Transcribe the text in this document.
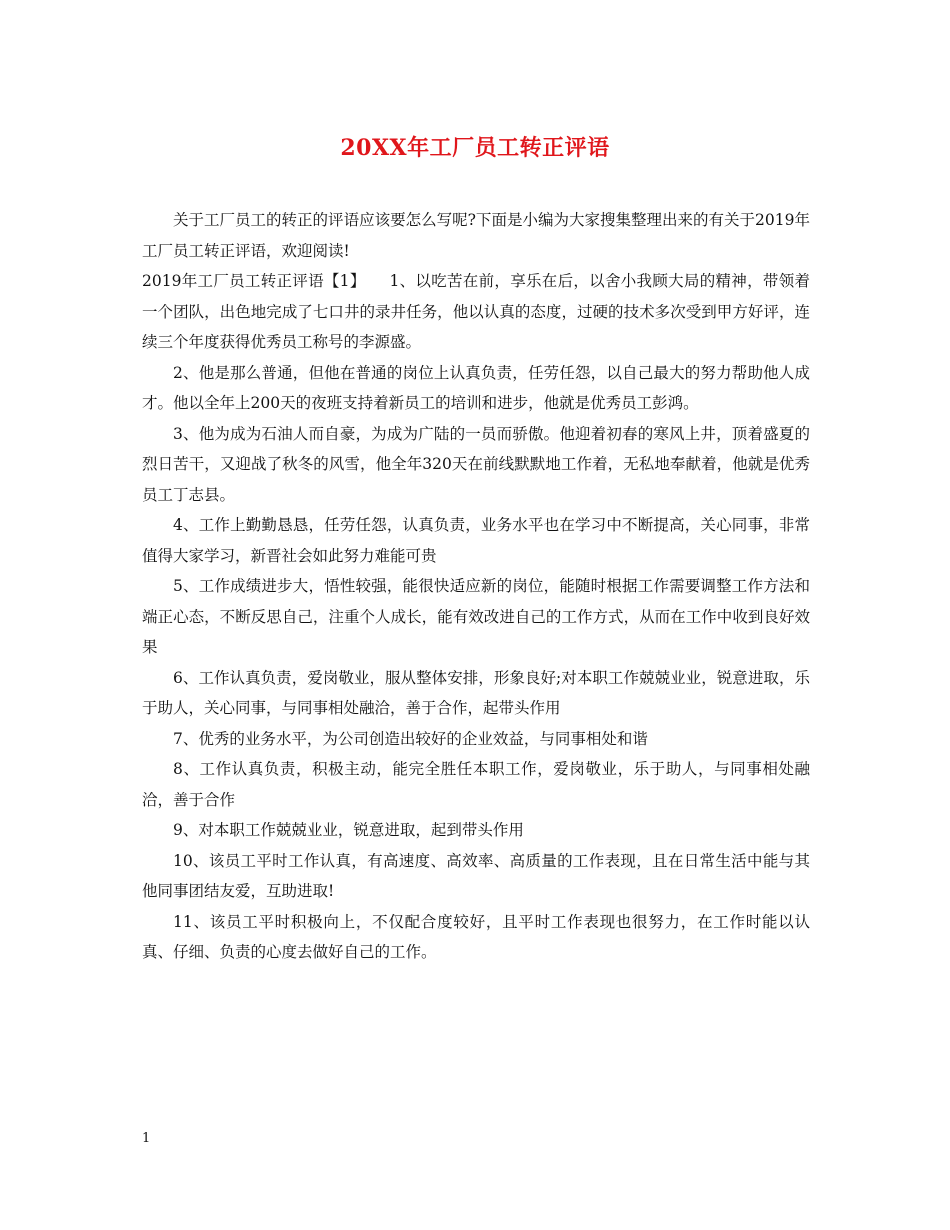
20XX年工厂员工转正评语

关于工厂员工的转正的评语应该要怎么写呢?下面是小编为大家搜集整理出来的有关于2019年工厂员工转正评语，欢迎阅读!

2019年工厂员工转正评语【1】　　1、以吃苦在前，享乐在后，以舍小我顾大局的精神，带领着一个团队，出色地完成了七口井的录井任务，他以认真的态度，过硬的技术多次受到甲方好评，连续三个年度获得优秀员工称号的李源盛。

2、他是那么普通，但他在普通的岗位上认真负责，任劳任怨，以自己最大的努力帮助他人成才。他以全年上200天的夜班支持着新员工的培训和进步，他就是优秀员工彭鸿。

3、他为成为石油人而自豪，为成为广陆的一员而骄傲。他迎着初春的寒风上井，顶着盛夏的烈日苦干，又迎战了秋冬的风雪，他全年320天在前线默默地工作着，无私地奉献着，他就是优秀员工丁志县。

4、工作上勤勤恳恳，任劳任怨，认真负责，业务水平也在学习中不断提高，关心同事，非常值得大家学习，新晋社会如此努力难能可贵

5、工作成绩进步大，悟性较强，能很快适应新的岗位，能随时根据工作需要调整工作方法和端正心态，不断反思自己，注重个人成长，能有效改进自己的工作方式，从而在工作中收到良好效果

6、工作认真负责，爱岗敬业，服从整体安排，形象良好;对本职工作兢兢业业，锐意进取，乐于助人，关心同事，与同事相处融洽，善于合作，起带头作用

7、优秀的业务水平，为公司创造出较好的企业效益，与同事相处和谐

8、工作认真负责，积极主动，能完全胜任本职工作，爱岗敬业，乐于助人，与同事相处融洽，善于合作

9、对本职工作兢兢业业，锐意进取，起到带头作用

10、该员工平时工作认真，有高速度、高效率、高质量的工作表现，且在日常生活中能与其他同事团结友爱，互助进取!

11、该员工平时积极向上，不仅配合度较好，且平时工作表现也很努力，在工作时能以认真、仔细、负责的心度去做好自己的工作。

1
